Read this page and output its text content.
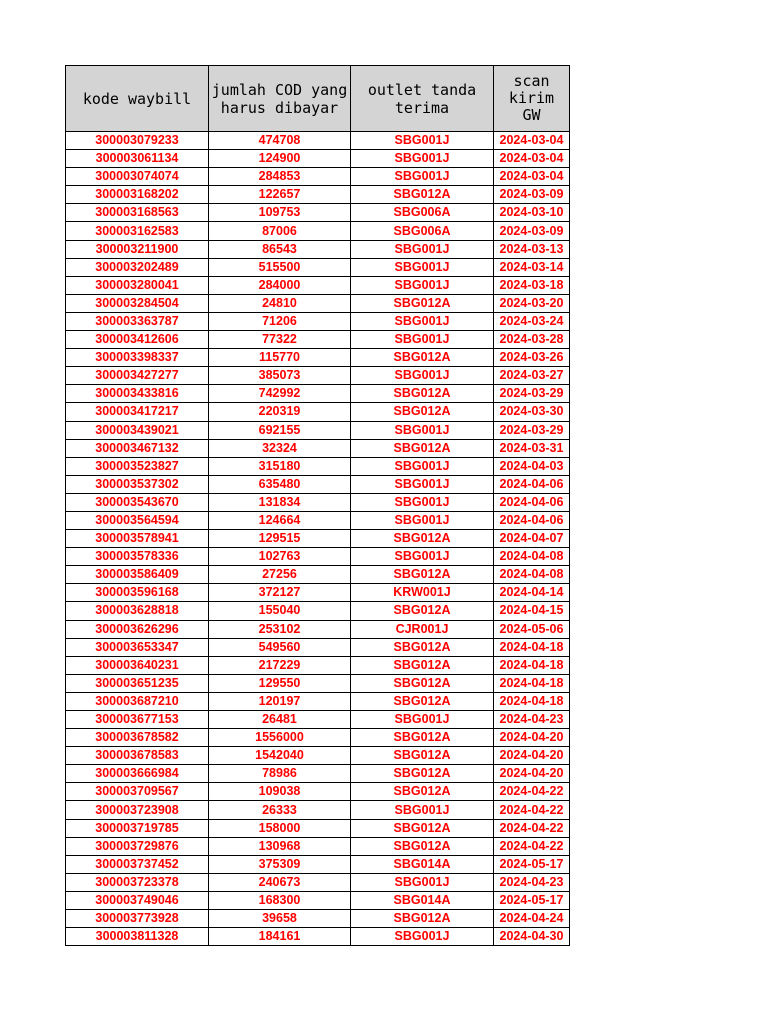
kode waybill	jumlah COD yang harus dibayar	outlet tanda terima	scan kirim GW
300003079233	474708	SBG001J	2024-03-04
300003061134	124900	SBG001J	2024-03-04
300003074074	284853	SBG001J	2024-03-04
300003168202	122657	SBG012A	2024-03-09
300003168563	109753	SBG006A	2024-03-10
300003162583	87006	SBG006A	2024-03-09
300003211900	86543	SBG001J	2024-03-13
300003202489	515500	SBG001J	2024-03-14
300003280041	284000	SBG001J	2024-03-18
300003284504	24810	SBG012A	2024-03-20
300003363787	71206	SBG001J	2024-03-24
300003412606	77322	SBG001J	2024-03-28
300003398337	115770	SBG012A	2024-03-26
300003427277	385073	SBG001J	2024-03-27
300003433816	742992	SBG012A	2024-03-29
300003417217	220319	SBG012A	2024-03-30
300003439021	692155	SBG001J	2024-03-29
300003467132	32324	SBG012A	2024-03-31
300003523827	315180	SBG001J	2024-04-03
300003537302	635480	SBG001J	2024-04-06
300003543670	131834	SBG001J	2024-04-06
300003564594	124664	SBG001J	2024-04-06
300003578941	129515	SBG012A	2024-04-07
300003578336	102763	SBG001J	2024-04-08
300003586409	27256	SBG012A	2024-04-08
300003596168	372127	KRW001J	2024-04-14
300003628818	155040	SBG012A	2024-04-15
300003626296	253102	CJR001J	2024-05-06
300003653347	549560	SBG012A	2024-04-18
300003640231	217229	SBG012A	2024-04-18
300003651235	129550	SBG012A	2024-04-18
300003687210	120197	SBG012A	2024-04-18
300003677153	26481	SBG001J	2024-04-23
300003678582	1556000	SBG012A	2024-04-20
300003678583	1542040	SBG012A	2024-04-20
300003666984	78986	SBG012A	2024-04-20
300003709567	109038	SBG012A	2024-04-22
300003723908	26333	SBG001J	2024-04-22
300003719785	158000	SBG012A	2024-04-22
300003729876	130968	SBG012A	2024-04-22
300003737452	375309	SBG014A	2024-05-17
300003723378	240673	SBG001J	2024-04-23
300003749046	168300	SBG014A	2024-05-17
300003773928	39658	SBG012A	2024-04-24
300003811328	184161	SBG001J	2024-04-30
